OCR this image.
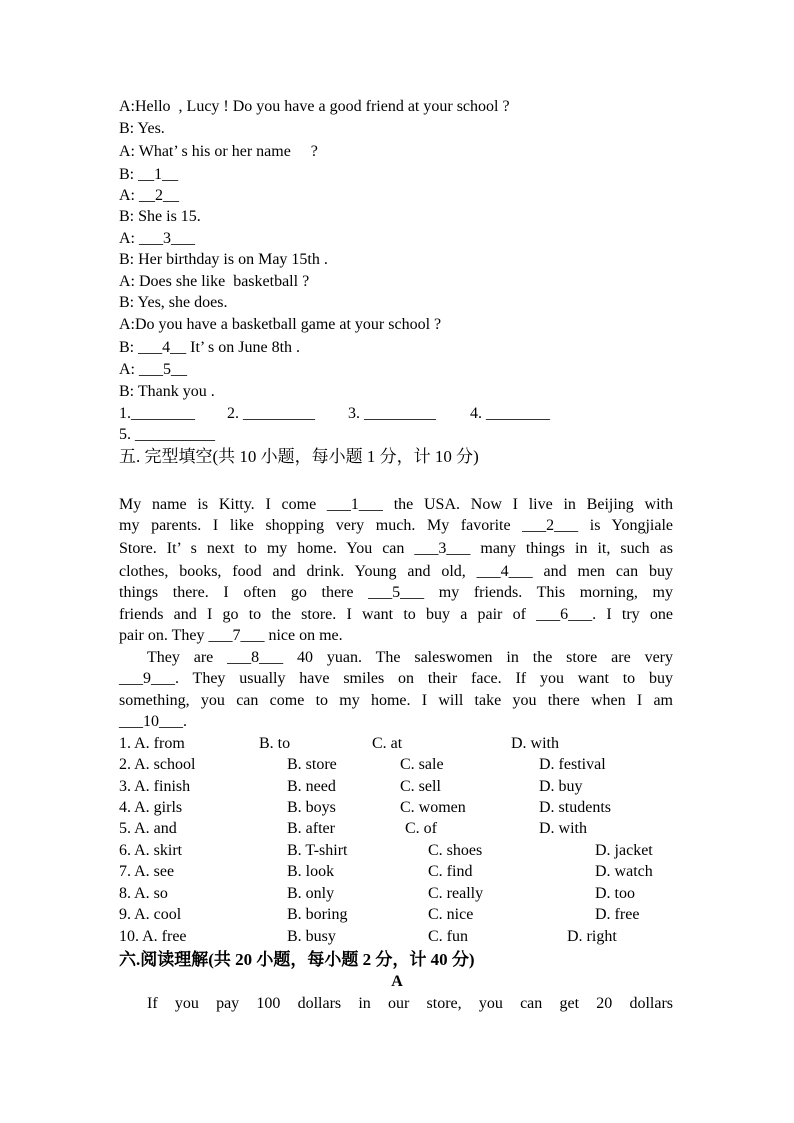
A:Hello  , Lucy ! Do you have a good friend at your school ?
B: Yes.
A: What’ s his or her name     ?
B: __1__
A: __2__
B: She is 15.
A: ___3___
B: Her birthday is on May 15th .
A: Does she like  basketball ?
B: Yes, she does.
A:Do you have a basketball game at your school ?
B: ___4__ It’ s on June 8th .
A: ___5__
B: Thank you .
1.________ 2. _________ 3. _________ 4. ________
5. __________
五. 完型填空(共 10 小题，每小题 1 分，计 10 分)
My name is Kitty. I come ___1___ the USA. Now I live in Beijing with
my parents. I like shopping very much. My favorite ___2___ is Yongjiale
Store. It’ s next to my home. You can ___3___ many things in it, such as
clothes, books, food and drink. Young and old, ___4___ and men can buy
things there. I often go there ___5___ my friends. This morning, my
friends and I go to the store. I want to buy a pair of ___6___. I try one
pair on. They ___7___ nice on me.
They are ___8___ 40 yuan. The saleswomen in the store are very
___9___. They usually have smiles on their face. If you want to buy
something, you can come to my home. I will take you there when I am
___10___.
1. A. from	B. to	C. at	D. with
2. A. school	B. store	C. sale	D. festival
3. A. finish	B. need	C. sell	D. buy
4. A. girls	B. boys	C. women	D. students
5. A. and	B. after	C. of	D. with
6. A. skirt	B. T-shirt	C. shoes	D. jacket
7. A. see	B. look	C. find	D. watch
8. A. so	B. only	C. really	D. too
9. A. cool	B. boring	C. nice	D. free
10. A. free	B. busy	C. fun	D. right
六.阅读理解(共 20 小题，每小题 2 分，计 40 分)
A
If you pay 100 dollars in our store, you can get 20 dollars
